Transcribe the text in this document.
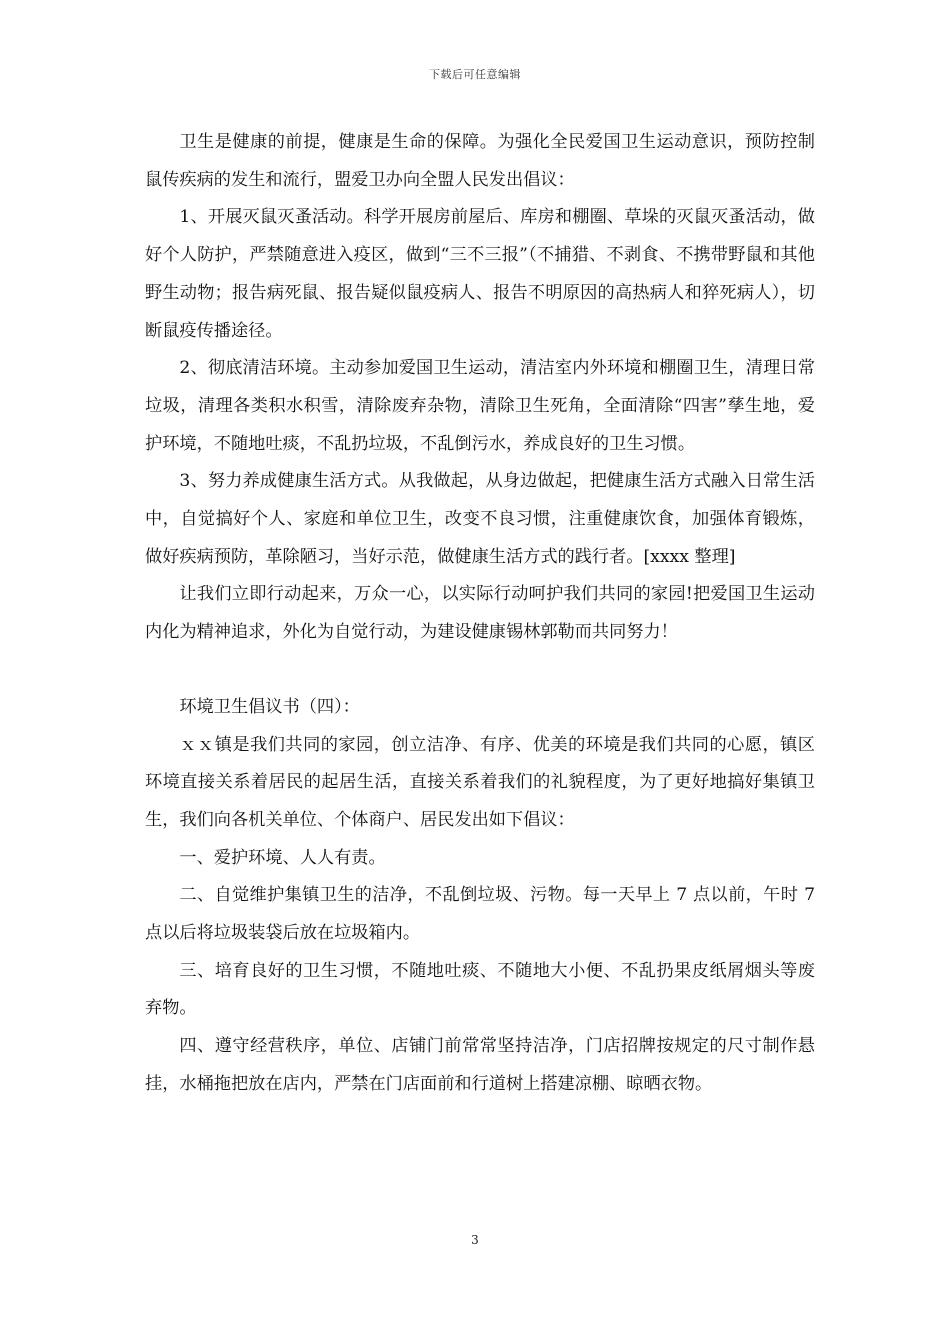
下载后可任意编辑

卫生是健康的前提，健康是生命的保障。为强化全民爱国卫生运动意识，预防控制鼠传疾病的发生和流行，盟爱卫办向全盟人民发出倡议：

1、开展灭鼠灭蚤活动。科学开展房前屋后、库房和棚圈、草垛的灭鼠灭蚤活动，做好个人防护，严禁随意进入疫区，做到“三不三报”（不捕猎、不剥食、不携带野鼠和其他野生动物；报告病死鼠、报告疑似鼠疫病人、报告不明原因的高热病人和猝死病人），切断鼠疫传播途径。

2、彻底清洁环境。主动参加爱国卫生运动，清洁室内外环境和棚圈卫生，清理日常垃圾，清理各类积水积雪，清除废弃杂物，清除卫生死角，全面清除“四害”孳生地，爱护环境，不随地吐痰，不乱扔垃圾，不乱倒污水，养成良好的卫生习惯。

3、努力养成健康生活方式。从我做起，从身边做起，把健康生活方式融入日常生活中，自觉搞好个人、家庭和单位卫生，改变不良习惯，注重健康饮食，加强体育锻炼，做好疾病预防，革除陋习，当好示范，做健康生活方式的践行者。[xxxx 整理]

让我们立即行动起来，万众一心，以实际行动呵护我们共同的家园!把爱国卫生运动内化为精神追求，外化为自觉行动，为建设健康锡林郭勒而共同努力！

环境卫生倡议书（四）：

ｘｘ镇是我们共同的家园，创立洁净、有序、优美的环境是我们共同的心愿，镇区环境直接关系着居民的起居生活，直接关系着我们的礼貌程度，为了更好地搞好集镇卫生，我们向各机关单位、个体商户、居民发出如下倡议：

一、爱护环境、人人有责。

二、自觉维护集镇卫生的洁净，不乱倒垃圾、污物。每一天早上 7 点以前，午时 7 点以后将垃圾装袋后放在垃圾箱内。

三、培育良好的卫生习惯，不随地吐痰、不随地大小便、不乱扔果皮纸屑烟头等废弃物。

四、遵守经营秩序，单位、店铺门前常常坚持洁净，门店招牌按规定的尺寸制作悬挂，水桶拖把放在店内，严禁在门店面前和行道树上搭建凉棚、晾晒衣物。

3
